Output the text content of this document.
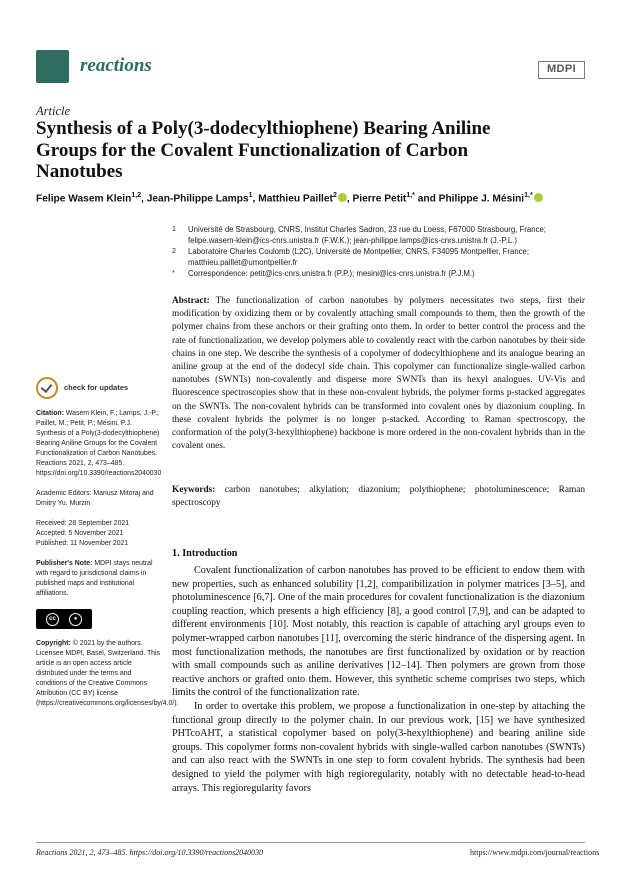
reactions	MDPI
Article
Synthesis of a Poly(3-dodecylthiophene) Bearing Aniline Groups for the Covalent Functionalization of Carbon Nanotubes
Felipe Wasem Klein$^{1,2}$, Jean-Philippe Lamps$^1$, Matthieu Paillet$^2$ , Pierre Petit$^{1,*}$ and Philippe J. Mésini$^{1,*}$
1 Université de Strasbourg, CNRS, Institut Charles Sadron, 23 rue du Loess, F67000 Strasbourg, France; felipe.wasem-klein@ics-cnrs.unistra.fr (F.W.K.); jean-philippe.lamps@ics-cnrs.unistra.fr (J.-P.L.)
2 Laboratoire Charles Coulomb (L2C), Université de Montpellier, CNRS, F34095 Montpellier, France; matthieu.paillet@umontpellier.fr
* Correspondence: petit@ics-cnrs.unistra.fr (P.P.); mesini@ics-cnrs.unistra.fr (P.J.M.)
Abstract: The functionalization of carbon nanotubes by polymers necessitates two steps, first their modification by oxidizing them or by covalently attaching small compounds to them, then the growth of the polymer chains from these anchors or their grafting onto them. In order to better control the process and the rate of functionalization, we develop polymers able to covalently react with the carbon nanotubes by their side chains in one step. We describe the synthesis of a copolymer of dodecylthiophene and its analogue bearing an aniline group at the end of the dodecyl side chain. This copolymer can functionalize single-walled carbon nanotubes (SWNTs) non-covalently and disperse more SWNTs than its hexyl analogues. UV-Vis and fluorescence spectroscopies show that in these non-covalent hybrids, the polymer forms p-stacked aggregates on the SWNTs. The non-covalent hybrids can be transformed into covalent ones by diazonium coupling. In these covalent hybrids the polymer is no longer p-stacked. According to Raman spectroscopy, the conformation of the poly(3-hexylthiophene) backbone is more ordered in the non-covalent hybrids than in the covalent ones.
Keywords: carbon nanotubes; alkylation; diazonium; polythiophene; photoluminescence; Raman spectroscopy
check for updates
Citation: Wasem Klein, F.; Lamps, J.-P.; Paillet, M.; Petit, P.; Mésini, P.J. Synthesis of a Poly(3-dodecylthiophene) Bearing Aniline Groups for the Covalent Functionalization of Carbon Nanotubes. Reactions 2021, 2, 473–485. https://doi.org/10.3390/reactions2040030
Academic Editors: Mariusz Mitoraj and Dmitry Yu. Murzin
Received: 28 September 2021
Accepted: 5 November 2021
Published: 11 November 2021
Publisher's Note: MDPI stays neutral with regard to jurisdictional claims in published maps and institutional affiliations.
cc	●
Copyright: © 2021 by the authors. Licensee MDPI, Basel, Switzerland. This article is an open access article distributed under the terms and conditions of the Creative Commons Attribution (CC BY) license (https://creativecommons.org/licenses/by/4.0/).
1. Introduction

Covalent functionalization of carbon nanotubes has proved to be efficient to endow them with new properties, such as enhanced solubility [1,2], compatibilization in polymer matrices [3–5], and photoluminescence [6,7]. One of the main procedures for covalent functionalization is the diazonium coupling reaction, which presents a high efficiency [8], a good control [7,9], and can be adapted to different environments [10]. Most notably, this reaction is capable of attaching aryl groups even to polymer-wrapped carbon nanotubes [11], overcoming the steric hindrance of the dispersing agent. In most functionalization methods, the nanotubes are first functionalized by oxidation or by reaction with small compounds such as aniline derivatives [12–14]. Then polymers are grown from those reactive anchors or grafted onto them. However, this synthetic scheme comprises two steps, which limits the control of the functionalization rate.

In order to overtake this problem, we propose a functionalization in one-step by attaching the functional group directly to the polymer chain. In our previous work, [15] we have synthesized PHTcoAHT, a statistical copolymer based on poly(3-hexylthiophene) and bearing aniline side groups. This copolymer forms non-covalent hybrids with single-walled carbon nanotubes (SWNTs) and can also react with the SWNTs in one step to form covalent hybrids. The synthesis had been designed to yield the polymer with high regioregularity, notably with no detectable head-to-head arrays. This regioregularity favors

Reactions 2021, 2, 473–485. https://doi.org/10.3390/reactions2040030	https://www.mdpi.com/journal/reactions
